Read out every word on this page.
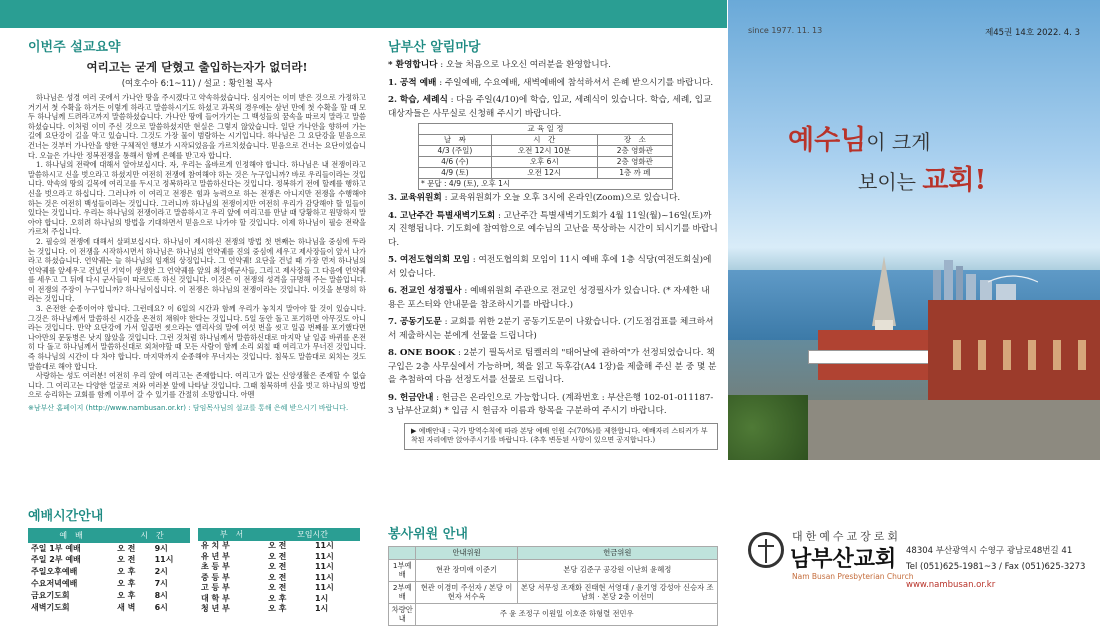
이번주 설교요약
여리고는 굳게 닫혔고 출입하는자가 없더라!
(여호수아 6:1~11) / 설교 : 황인철 목사

하나님은 성경 여러 곳에서 가나안 땅을 주시겠다고 약속하셨습니다. 심지어는 이미 받은 것으로 가정하고 거기서 첫 수확을 하거든 이렇게 하라고 말씀하시기도 하셨고 과목의 경우에는 삼년 만에 첫 수확을 할 때 모두 하나님께 드려라고까지 말씀하셨습니다. 가나안 땅에 들어가기는 그 백성들의 꿈속을 따르지 말라고 말씀하셨습니다. 이처럼 이미 주신 것으로 말씀하셨지만 현실은 그렇지 않았습니다. 일단 가나안을 향하여 가는 길에 요단강이 길을 막고 있습니다. 그것도 가장 물이 범람하는 시기입니다. 하나님은 그 요단강을 믿음으로 건너는 것부터 가나안을 향한 구체적인 행보가 시작되었음을 가르치셨습니다. 믿음으로 건너는 요단이었습니다. 오늘은 가나안 정복전쟁을 통해서 함께 은혜를 받고자 합니다.

1. 하나님의 전략에 대해서 알아보십시다. 자, 우리는 올바르게 인정해야 합니다. 하나님은 내 전쟁이라고 말씀하시고 신을 벗으라고 하셨지만 여전히 전쟁에 참여해야 하는 것은 누구입니까? 바로 우리들이라는 것입니다. 약속의 땅의 길목에 여리고를 두시고 정복하라고 말씀하신다는 것입니다. 정복하기 전에 할례를 행하고 신을 벗으라고 하십니다. 그러나까 이 여리고 전쟁은 힘과 능력으로 하는 전쟁은 아니지만 전쟁을 수행해야 하는 것은 여전히 백성들이라는 것입니다. 그러니까 하나님의 전쟁이지만 여전히 우리가 감당해야 할 일들이 있다는 것입니다. 우리는 하나님의 전쟁이라고 말씀하시고 우리 앞에 여리고를 만날 때 당황하고 원망하지 말아야 합니다. 오히려 하나님의 방법을 기대하면서 믿음으로 나가야 할 것입니다. 이제 하나님이 필승 전략을 가르쳐 주십니다.

2. 필승의 전쟁에 대해서 살펴보십시다. 하나님이 제시하신 전쟁의 방법 첫 번째는 하나님을 중심에 두라는 것입니다. 이 전쟁을 시작하시면서 하나님은 하나님의 언약궤를 진의 중심에 세우고 제사장들이 앞서 나가라고 하셨습니다. 언약궤는 늘 하나님의 임재의 상징입니다. 그 언약궤! 요단을 건널 때 가장 먼저 하나님의 언약궤를 앞세우고 건넜던 기억이 생생한 그 언약궤를 앞의 최정예군사들, 그리고 제사장들 그 다음에 언약궤를 세우고 그 뒤에 다시 군사들이 따르도록 하신 것입니다. 이것은 이 전쟁의 성격을 규명해 주는 말씀입니다. 이 전쟁의 주장이 누구입니까? 하나님이십니다. 이 전쟁은 하나님의 전쟁이라는 것입니다. 이것을 분명히 하라는 것입니다.

3. 온전한 순종이어야 합니다. 그런데요? 이 6일의 시간과 함께 우리가 놓치지 말아야 할 것이 있습니다. 그것은 하나님께서 말씀하신 시간을 온전히 채워야 한다는 것입니다. 5일 동안 돌고 포기하면 아무것도 아니라는 것입니다. 만약 요단강에 가서 일곱번 씻으라는 엘리사의 말에 여섯 번을 씻고 일곱 번째를 포기했다면 나아만의 문둥병은 낫지 않았을 것입니다. 그런 것처럼 하나님께서 말씀하신대로 마지막 날 일곱 바퀴를 온전히 다 돌고 하나님께서 말씀하신대로 외쳐야할 때 모든 사람이 함께 소리 외칠 때 여리고가 무너진 것입니다. 즉 하나님의 시간이 다 차야 합니다. 마지막까지 순종해야 무너지는 것입니다. 침묵도 말씀대로 외치는 것도 말씀대로 해야 합니다.

사랑하는 성도 여러분! 여전히 우리 앞에 여리고는 존재합니다. 여리고가 없는 신앙생활은 존재할 수 없습니다. 그 여리고는 다양한 얼굴로 저와 여러분 앞에 나타날 것입니다. 그때 침묵하며 신을 벗고 하나님의 방법으로 승리하는 교회를 함께 이루어 갈 수 있기를 간절히 소망합니다. 아멘

※남부산 홈페이지 (http://www.nambusan.or.kr) : 담임목사님의 설교를 통해 은혜 받으시기 바랍니다.
예배시간안내
예　배	시　간	
주일 1부 예배	오 전	9시
주일 2부 예배	오 전	11시
주일오후예배	오 후	2시
수요저녁예배	오 후	7시
금요기도회	오 후	8시
새벽기도회	새 벽	6시
부　서	모임시간	
유 치 부	오 전	11시
유 년 부	오 전	11시
초 등 부	오 전	11시
중 등 부	오 전	11시
고 등 부	오 전	11시
대 학 부	오 후	1시
청 년 부	오 후	1시
남부산 알림마당
* 환영합니다 : 오늘 처음으로 나오신 여러분을 환영합니다.
1. 공적 예배 : 주일예배, 수요예배, 새벽예배에 참석하셔서 은혜 받으시기를 바랍니다.
2. 학습, 세례식 : 다음 주일(4/10)에 학습, 입교, 세례식이 있습니다. 학습, 세례, 입교대상자들은 사무실로 신청해 주시기 바랍니다.
교 육 일 정		
날　짜	시　간	장　소
4/3 (주일)	오전 12시 10분	2층 영화관
4/6 (수)	오후 6시	2층 영화관
4/9 (토)	오전 12시	1층 까 페
* 문답 : 4/9 (토), 오후 1시		
3. 교육위원회 : 교육위원회가 오늘 오후 3시에 온라인(Zoom)으로 있습니다.
4. 고난주간 특별새벽기도회 : 고난주간 특별새벽기도회가 4월 11일(월)~16일(토)까지 진행됩니다. 기도회에 참여함으로 예수님의 고난을 묵상하는 시간이 되시기를 바랍니다.
5. 여전도협의회 모임 : 여전도협의회 모임이 11시 예배 후에 1층 식당(여전도회실)에서 있습니다.
6. 전교인 성경필사 : 예배위원회 주관으로 전교인 성경필사가 있습니다. (* 자세한 내용은 포스터와 안내문을 참조하시기를 바랍니다.)
7. 공동기도문 : 교회를 위한 2분기 공동기도문이 나왔습니다. (기도점검표를 체크하셔서 제출하시는 분에게 선물을 드립니다)
8. ONE BOOK : 2분기 필독서로 팀켈러의 "태어날에 관하여"가 선정되었습니다. 책 구입은 2층 사무실에서 가능하며, 책을 읽고 독후감(A4 1장)을 제출해 주신 분 중 몇 분을 추첨하여 다음 선정도서를 선물로 드립니다.
9. 헌금안내 : 헌금은 온라인으로 가능합니다. (계좌번호 : 부산은행 102-01-011187-3 남부산교회) * 입금 시 헌금자 이름과 항목을 구분하여 주시기 바랍니다.
▶ 예배안내 : 국가 방역수칙에 따라 본당 예배 인원 수(70%)를 제한합니다. 예배자리 스티커가 부착된 자리에만 앉아주시기를 바랍니다. (추후 변동된 사항이 있으면 공지합니다.)
봉사위원 안내
	안내위원	헌금위원
1부예배	현관 장미애 이준기	본당 김준구 공강원 이난희 윤혜정
2부예배	현관 이경미 주선자 / 본당 이현자 서수옥	본당 서무성 조재화 진태현 서영대 / 윤기영 강성아 신승자 조남희 · 본당 2층 이선미
차량안내	주 윤 조정구 이원일 이호준 하형렬 전민우	
since 1977. 11. 13	제45권 14호 2022. 4. 3
예수님이 크게
보이는 교회!
대한예수교장로회
남부산교회
Nam Busan Presbyterian Church
48304 부산광역시 수영구 광남로48번길 41
Tel (051)625-1981~3 / Fax (051)625-3273
www.nambusan.or.kr
